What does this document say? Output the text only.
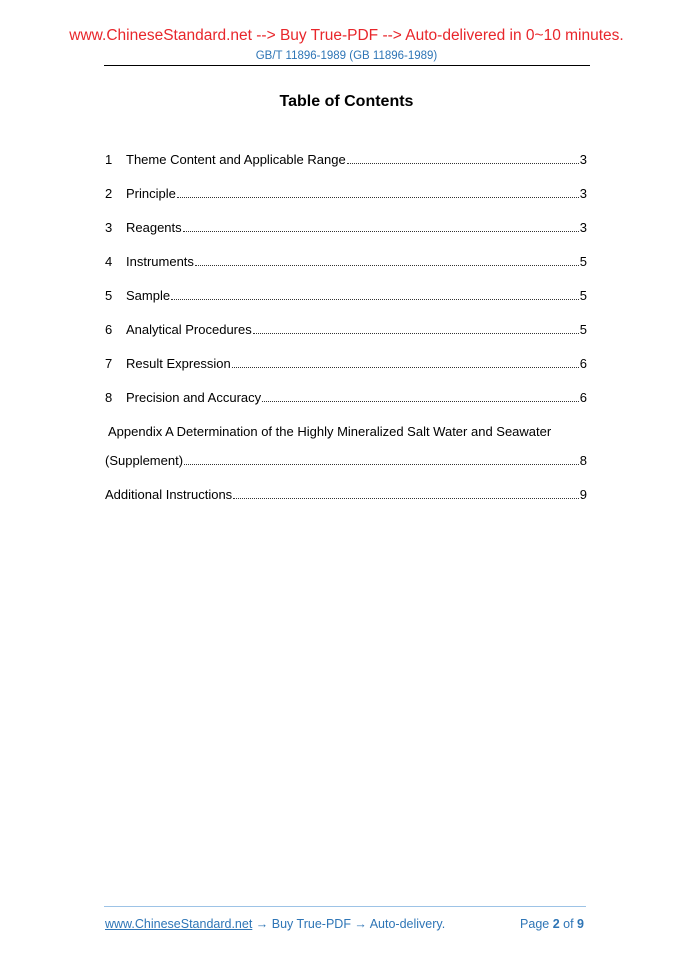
www.ChineseStandard.net --> Buy True-PDF --> Auto-delivered in 0~10 minutes.
GB/T 11896-1989 (GB 11896-1989)
Table of Contents
1	Theme Content and Applicable Range	3
2	Principle	3
3	Reagents	3
4	Instruments	5
5	Sample	5
6	Analytical Procedures	5
7	Result Expression	6
8	Precision and Accuracy	6
Appendix A Determination of the Highly Mineralized Salt Water and Seawater
(Supplement)	8
Additional Instructions	9
www.ChineseStandard.net → Buy True-PDF → Auto-delivery.	Page 2 of 9
